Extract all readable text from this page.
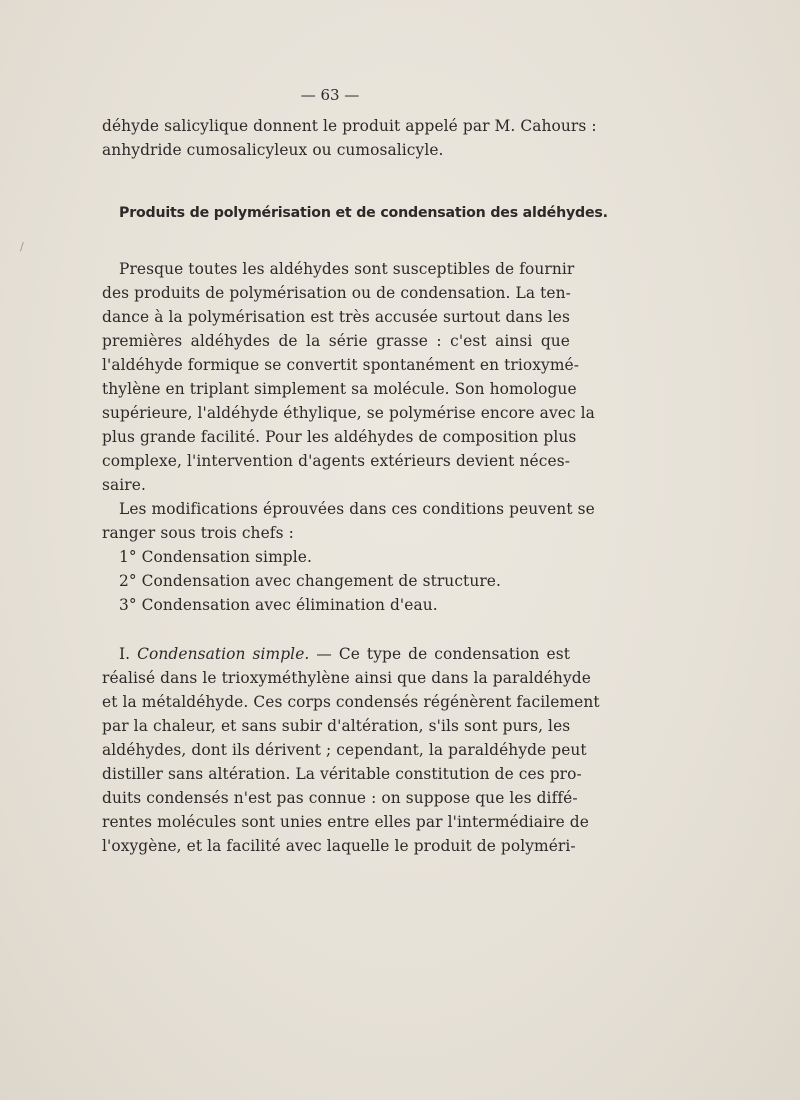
— 63 —
déhyde salicylique donnent le produit appelé par M. Cahours :
anhydride cumosalicyleux ou cumosalicyle.
Produits de polymérisation et de condensation des aldéhydes.
/
Presque toutes les aldéhydes sont susceptibles de fournir
des produits de polymérisation ou de condensation. La ten-
dance à la polymérisation est très accusée surtout dans les
premières aldéhydes de la série grasse : c'est ainsi que
l'aldéhyde formique se convertit spontanément en trioxymé-
thylène en triplant simplement sa molécule. Son homologue
supérieure, l'aldéhyde éthylique, se polymérise encore avec la
plus grande facilité. Pour les aldéhydes de composition plus
complexe, l'intervention d'agents extérieurs devient néces-
saire.
Les modifications éprouvées dans ces conditions peuvent se
ranger sous trois chefs :
1° Condensation simple.
2° Condensation avec changement de structure.
3° Condensation avec élimination d'eau.
I. Condensation simple. — Ce type de condensation est
réalisé dans le trioxyméthylène ainsi que dans la paraldéhyde
et la métaldéhyde. Ces corps condensés régénèrent facilement
par la chaleur, et sans subir d'altération, s'ils sont purs, les
aldéhydes, dont ils dérivent ; cependant, la paraldéhyde peut
distiller sans altération. La véritable constitution de ces pro-
duits condensés n'est pas connue : on suppose que les diffé-
rentes molécules sont unies entre elles par l'intermédiaire de
l'oxygène, et la facilité avec laquelle le produit de polyméri-
